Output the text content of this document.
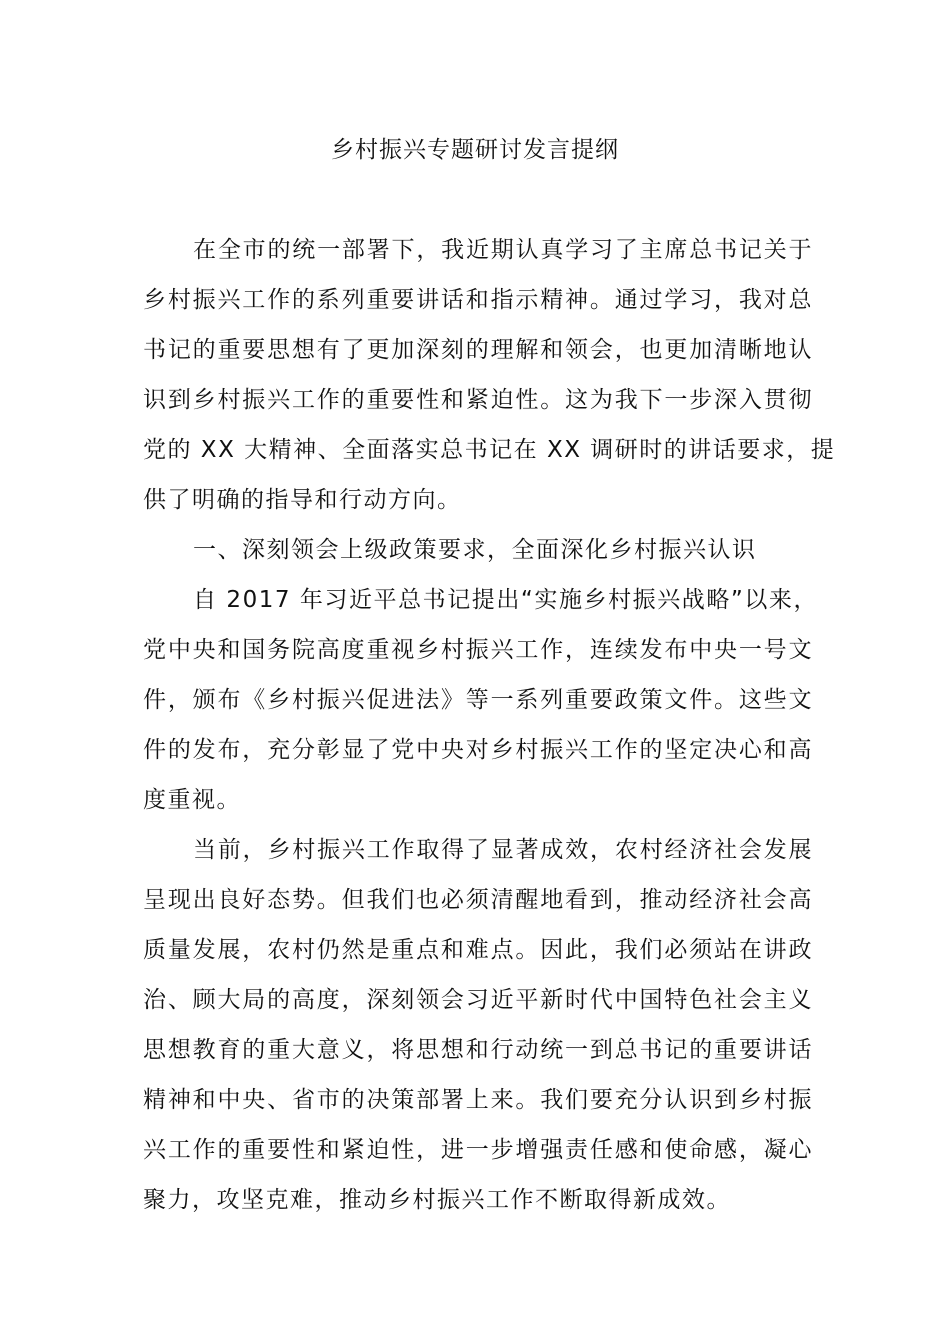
乡村振兴专题研讨发言提纲
在全市的统一部署下，我近期认真学习了主席总书记关于
乡村振兴工作的系列重要讲话和指示精神。通过学习，我对总
书记的重要思想有了更加深刻的理解和领会，也更加清晰地认
识到乡村振兴工作的重要性和紧迫性。这为我下一步深入贯彻
党的 XX 大精神、全面落实总书记在 XX 调研时的讲话要求，提
供了明确的指导和行动方向。
一、深刻领会上级政策要求，全面深化乡村振兴认识
自 2017 年习近平总书记提出“实施乡村振兴战略”以来，
党中央和国务院高度重视乡村振兴工作，连续发布中央一号文
件，颁布《乡村振兴促进法》等一系列重要政策文件。这些文
件的发布，充分彰显了党中央对乡村振兴工作的坚定决心和高
度重视。
当前，乡村振兴工作取得了显著成效，农村经济社会发展
呈现出良好态势。但我们也必须清醒地看到，推动经济社会高
质量发展，农村仍然是重点和难点。因此，我们必须站在讲政
治、顾大局的高度，深刻领会习近平新时代中国特色社会主义
思想教育的重大意义，将思想和行动统一到总书记的重要讲话
精神和中央、省市的决策部署上来。我们要充分认识到乡村振
兴工作的重要性和紧迫性，进一步增强责任感和使命感，凝心
聚力，攻坚克难，推动乡村振兴工作不断取得新成效。
